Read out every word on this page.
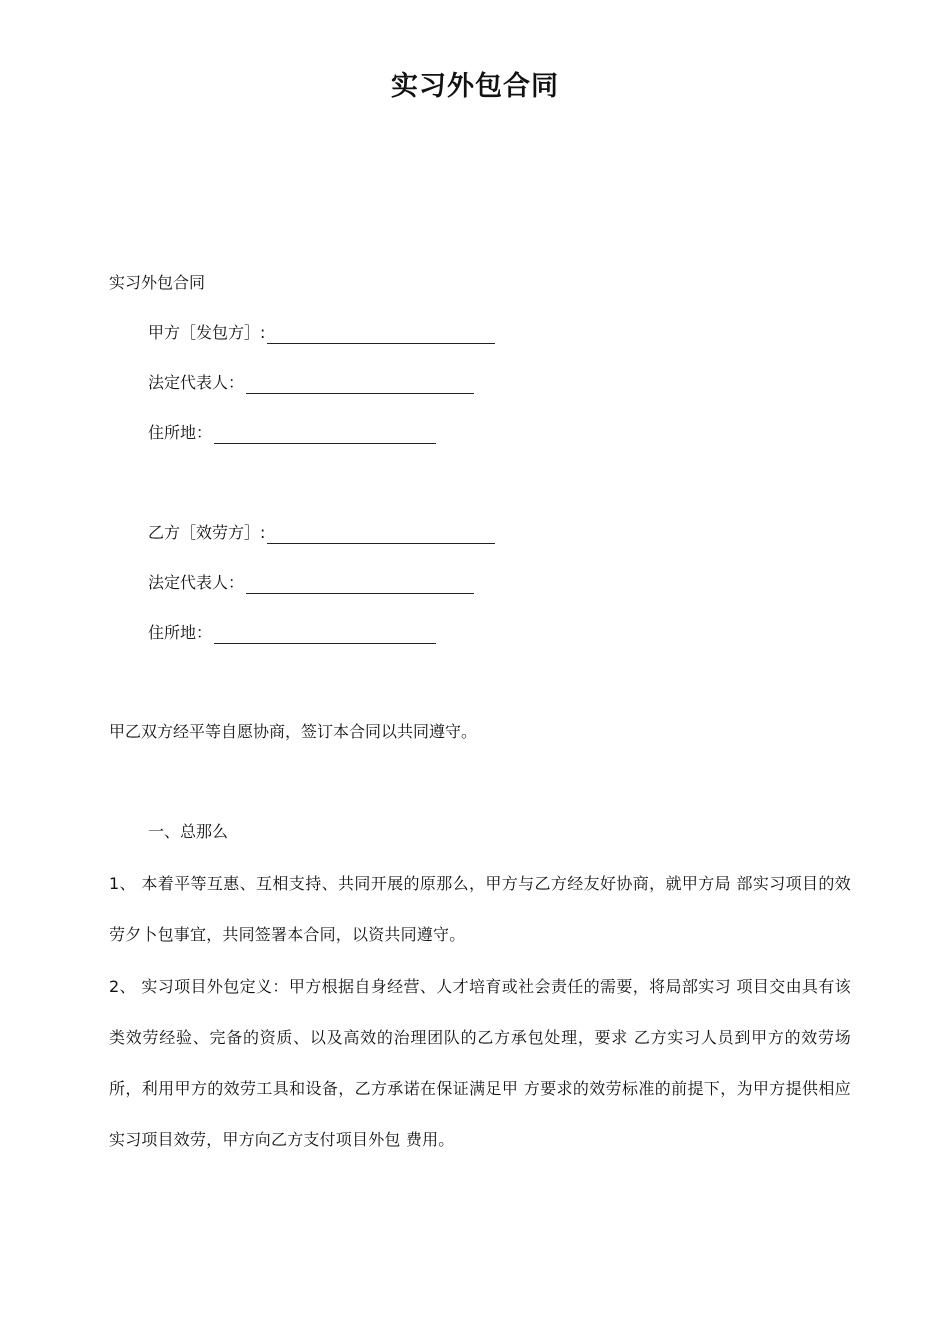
实习外包合同
实习外包合同
甲方［发包方］:
法定代表人：
住所地：
乙方［效劳方］:
法定代表人：
住所地：
甲乙双方经平等自愿协商，签订本合同以共同遵守。
一、总那么
1、 本着平等互惠、互相支持、共同开展的原那么，甲方与乙方经友好协商，就甲方局 部实习项目的效劳夕卜包事宜，共同签署本合同，以资共同遵守。
2、 实习项目外包定义：甲方根据自身经营、人才培育或社会责任的需要，将局部实习 项目交由具有该类效劳经验、完备的资质、以及高效的治理团队的乙方承包处理，要求 乙方实习人员到甲方的效劳场所，利用甲方的效劳工具和设备，乙方承诺在保证满足甲 方要求的效劳标准的前提下，为甲方提供相应实习项目效劳，甲方向乙方支付项目外包 费用。
